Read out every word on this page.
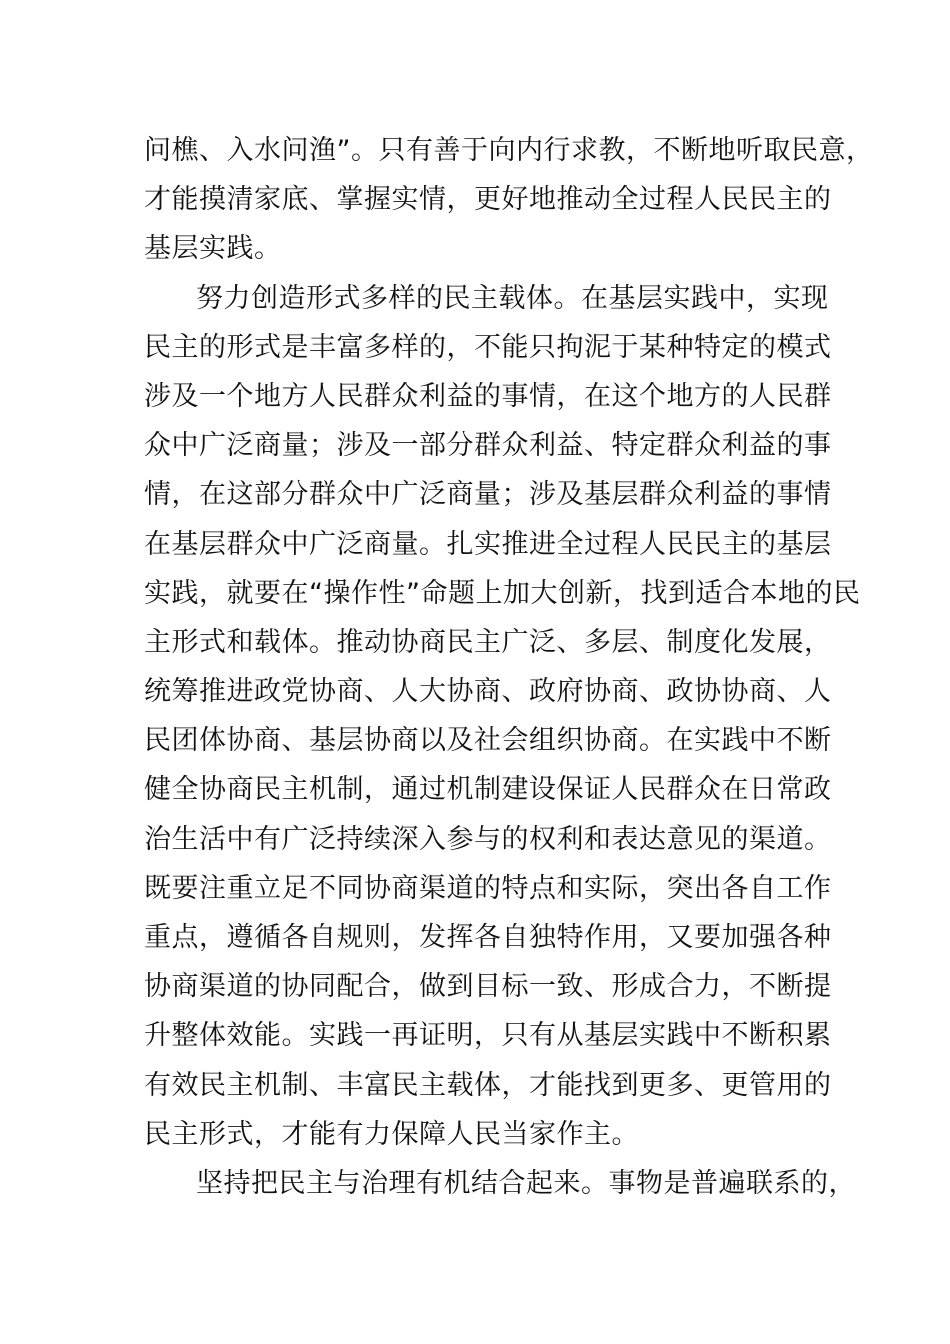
问樵、入水问渔”。只有善于向内行求教，不断地听取民意，
才能摸清家底、掌握实情，更好地推动全过程人民民主的
基层实践。
努力创造形式多样的民主载体。在基层实践中，实现
民主的形式是丰富多样的，不能只拘泥于某种特定的模式
涉及一个地方人民群众利益的事情，在这个地方的人民群
众中广泛商量；涉及一部分群众利益、特定群众利益的事
情，在这部分群众中广泛商量；涉及基层群众利益的事情
在基层群众中广泛商量。扎实推进全过程人民民主的基层
实践，就要在“操作性”命题上加大创新，找到适合本地的民
主形式和载体。推动协商民主广泛、多层、制度化发展，
统筹推进政党协商、人大协商、政府协商、政协协商、人
民团体协商、基层协商以及社会组织协商。在实践中不断
健全协商民主机制，通过机制建设保证人民群众在日常政
治生活中有广泛持续深入参与的权利和表达意见的渠道。
既要注重立足不同协商渠道的特点和实际，突出各自工作
重点，遵循各自规则，发挥各自独特作用，又要加强各种
协商渠道的协同配合，做到目标一致、形成合力，不断提
升整体效能。实践一再证明，只有从基层实践中不断积累
有效民主机制、丰富民主载体，才能找到更多、更管用的
民主形式，才能有力保障人民当家作主。
坚持把民主与治理有机结合起来。事物是普遍联系的，
